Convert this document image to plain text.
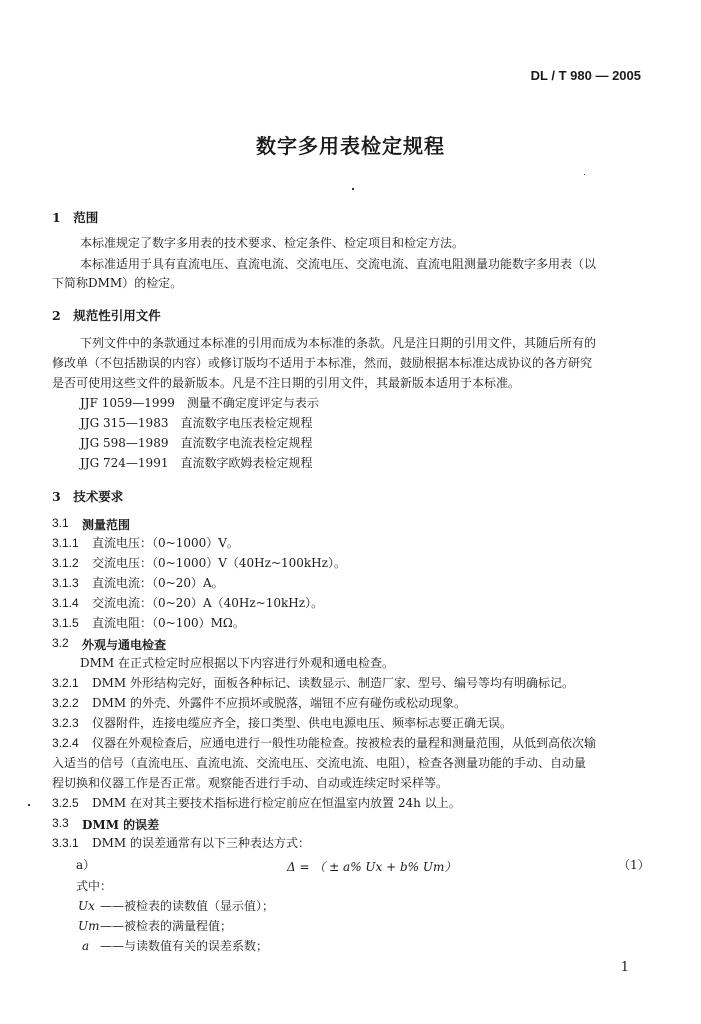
DL / T 980 — 2005
数字多用表检定规程
1　范围
本标准规定了数字多用表的技术要求、检定条件、检定项目和检定方法。
本标准适用于具有直流电压、直流电流、交流电压、交流电流、直流电阻测量功能数字多用表（以
下简称DMM）的检定。
2　规范性引用文件
下列文件中的条款通过本标准的引用而成为本标准的条款。凡是注日期的引用文件，其随后所有的
修改单（不包括勘误的内容）或修订版均不适用于本标准，然而，鼓励根据本标准达成协议的各方研究
是否可使用这些文件的最新版本。凡是不注日期的引用文件，其最新版本适用于本标准。
JJF 1059—1999　测量不确定度评定与表示
JJG 315—1983　直流数字电压表检定规程
JJG 598—1989　直流数字电流表检定规程
JJG 724—1991　直流数字欧姆表检定规程
3　技术要求
3.1 测量范围
3.1.1 直流电压：（0~1000）V。
3.1.2 交流电压：（0~1000）V（40Hz~100kHz）。
3.1.3 直流电流：（0~20）A。
3.1.4 交流电流：（0~20）A（40Hz~10kHz）。
3.1.5 直流电阻：（0~100）MΩ。
3.2 外观与通电检查
DMM 在正式检定时应根据以下内容进行外观和通电检查。
3.2.1 DMM 外形结构完好，面板各种标记、读数显示、制造厂家、型号、编号等均有明确标记。
3.2.2 DMM 的外壳、外露件不应损坏或脱落，端钮不应有碰伤或松动现象。
3.2.3 仪器附件，连接电缆应齐全，接口类型、供电电源电压、频率标志要正确无误。
3.2.4 仪器在外观检查后，应通电进行一般性功能检查。按被检表的量程和测量范围，从低到高依次输
入适当的信号（直流电压、直流电流、交流电压、交流电流、电阻），检查各测量功能的手动、自动量
程切换和仪器工作是否正常。观察能否进行手动、自动或连续定时采样等。
3.2.5 DMM 在对其主要技术指标进行检定前应在恒温室内放置 24h 以上。
3.3 DMM 的误差
3.3.1 DMM 的误差通常有以下三种表达方式：
a）	Δ = （ ± a% Ux + b% Um）	（1）
式中：
Ux ——被检表的读数值（显示值）；
Um ——被检表的满量程值；
a ——与读数值有关的误差系数；
1
